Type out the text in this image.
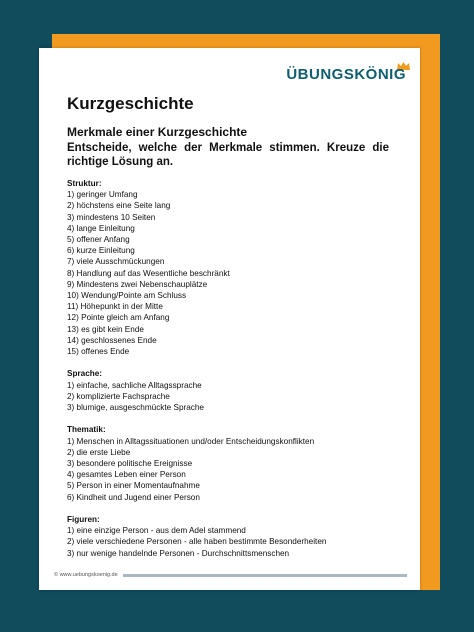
ÜBUNGSKÖNIG
Kurzgeschichte
Merkmale einer Kurzgeschichte
Entscheide, welche der Merkmale stimmen. Kreuze die richtige Lösung an.
Struktur:
1) geringer Umfang
2) höchstens eine Seite lang
3) mindestens 10 Seiten
4) lange Einleitung
5) offener Anfang
6) kurze Einleitung
7) viele Ausschmückungen
8) Handlung auf das Wesentliche beschränkt
9) Mindestens zwei Nebenschauplätze
10) Wendung/Pointe am Schluss
11) Höhepunkt in der Mitte
12) Pointe gleich am Anfang
13) es gibt kein Ende
14) geschlossenes Ende
15) offenes Ende
Sprache:
1) einfache, sachliche Alltagssprache
2) komplizierte Fachsprache
3) blumige, ausgeschmückte Sprache
Thematik:
1) Menschen in Alltagssituationen und/oder Entscheidungskonflikten
2) die erste Liebe
3) besondere politische Ereignisse
4) gesamtes Leben einer Person
5) Person in einer Momentaufnahme
6) Kindheit und Jugend einer Person
Figuren:
1) eine einzige Person - aus dem Adel stammend
2) viele verschiedene Personen - alle haben bestimmte Besonderheiten
3) nur wenige handelnde Personen - Durchschnittsmenschen
© www.uebungskoenig.de
